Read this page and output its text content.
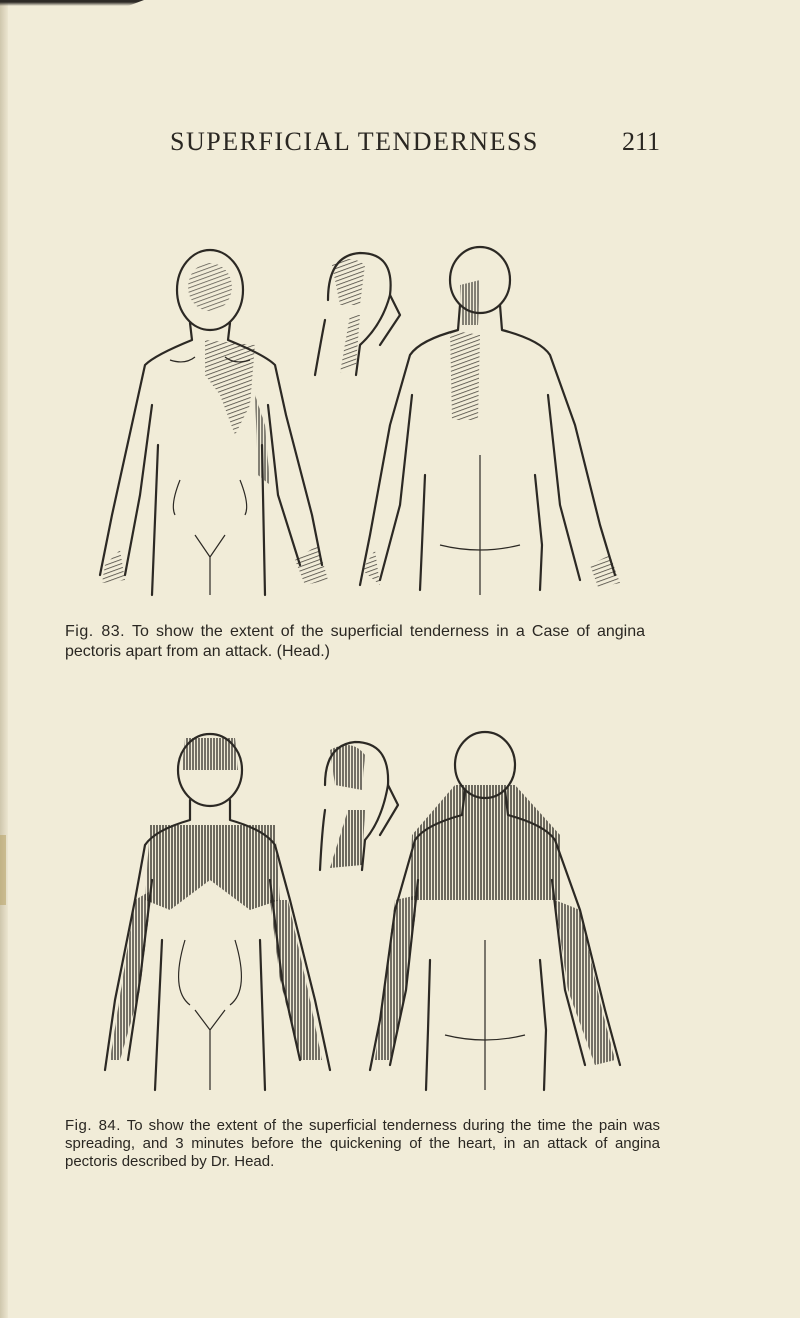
SUPERFICIAL TENDERNESS	211
Fig. 83. To show the extent of the superficial tenderness in a Case of angina pectoris apart from an attack. (Head.)
Fig. 84. To show the extent of the superficial tenderness during the time the pain was spreading, and 3 minutes before the quickening of the heart, in an attack of angina pectoris described by Dr. Head.
